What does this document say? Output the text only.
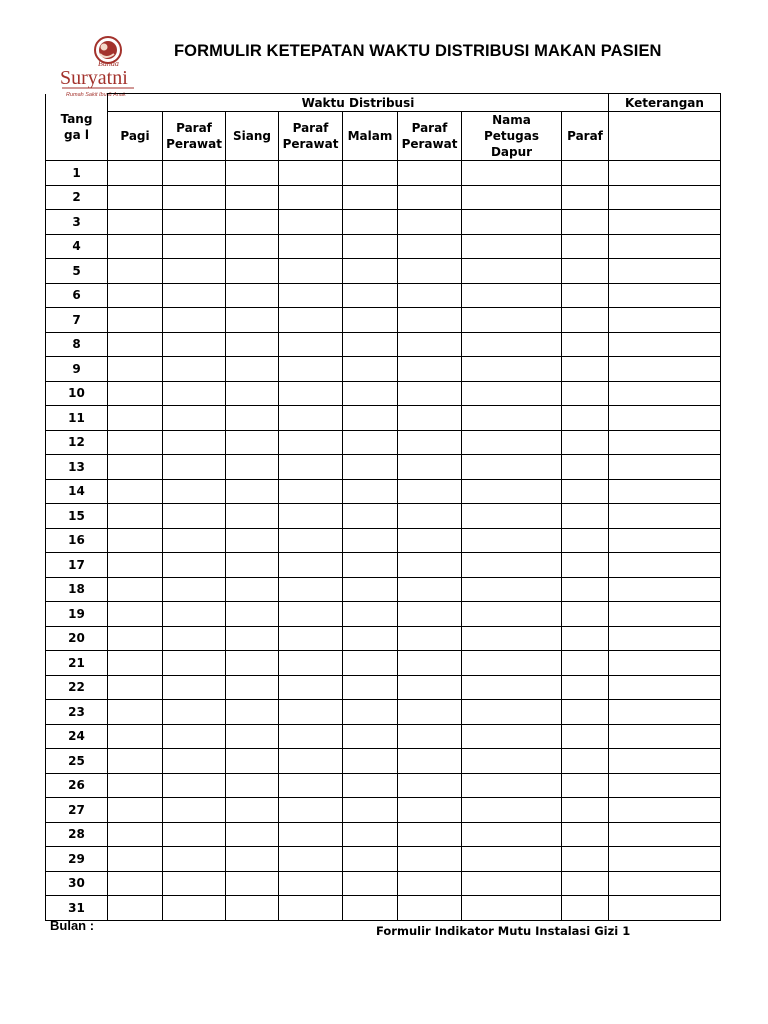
Bunda
Suryatni
Rumah Sakit Ibu & Anak
FORMULIR KETEPATAN WAKTU DISTRIBUSI MAKAN PASIEN
Tangga l	Waktu Distribusi								Keterangan
	Pagi	Paraf Perawat	Siang	Paraf Perawat	Malam	Paraf Perawat	Nama Petugas Dapur	Paraf	
1									
2									
3									
4									
5									
6									
7									
8									
9									
10									
11									
12									
13									
14									
15									
16									
17									
18									
19									
20									
21									
22									
23									
24									
25									
26									
27									
28									
29									
30									
31									
Bulan :	Formulir Indikator Mutu Instalasi Gizi 1
